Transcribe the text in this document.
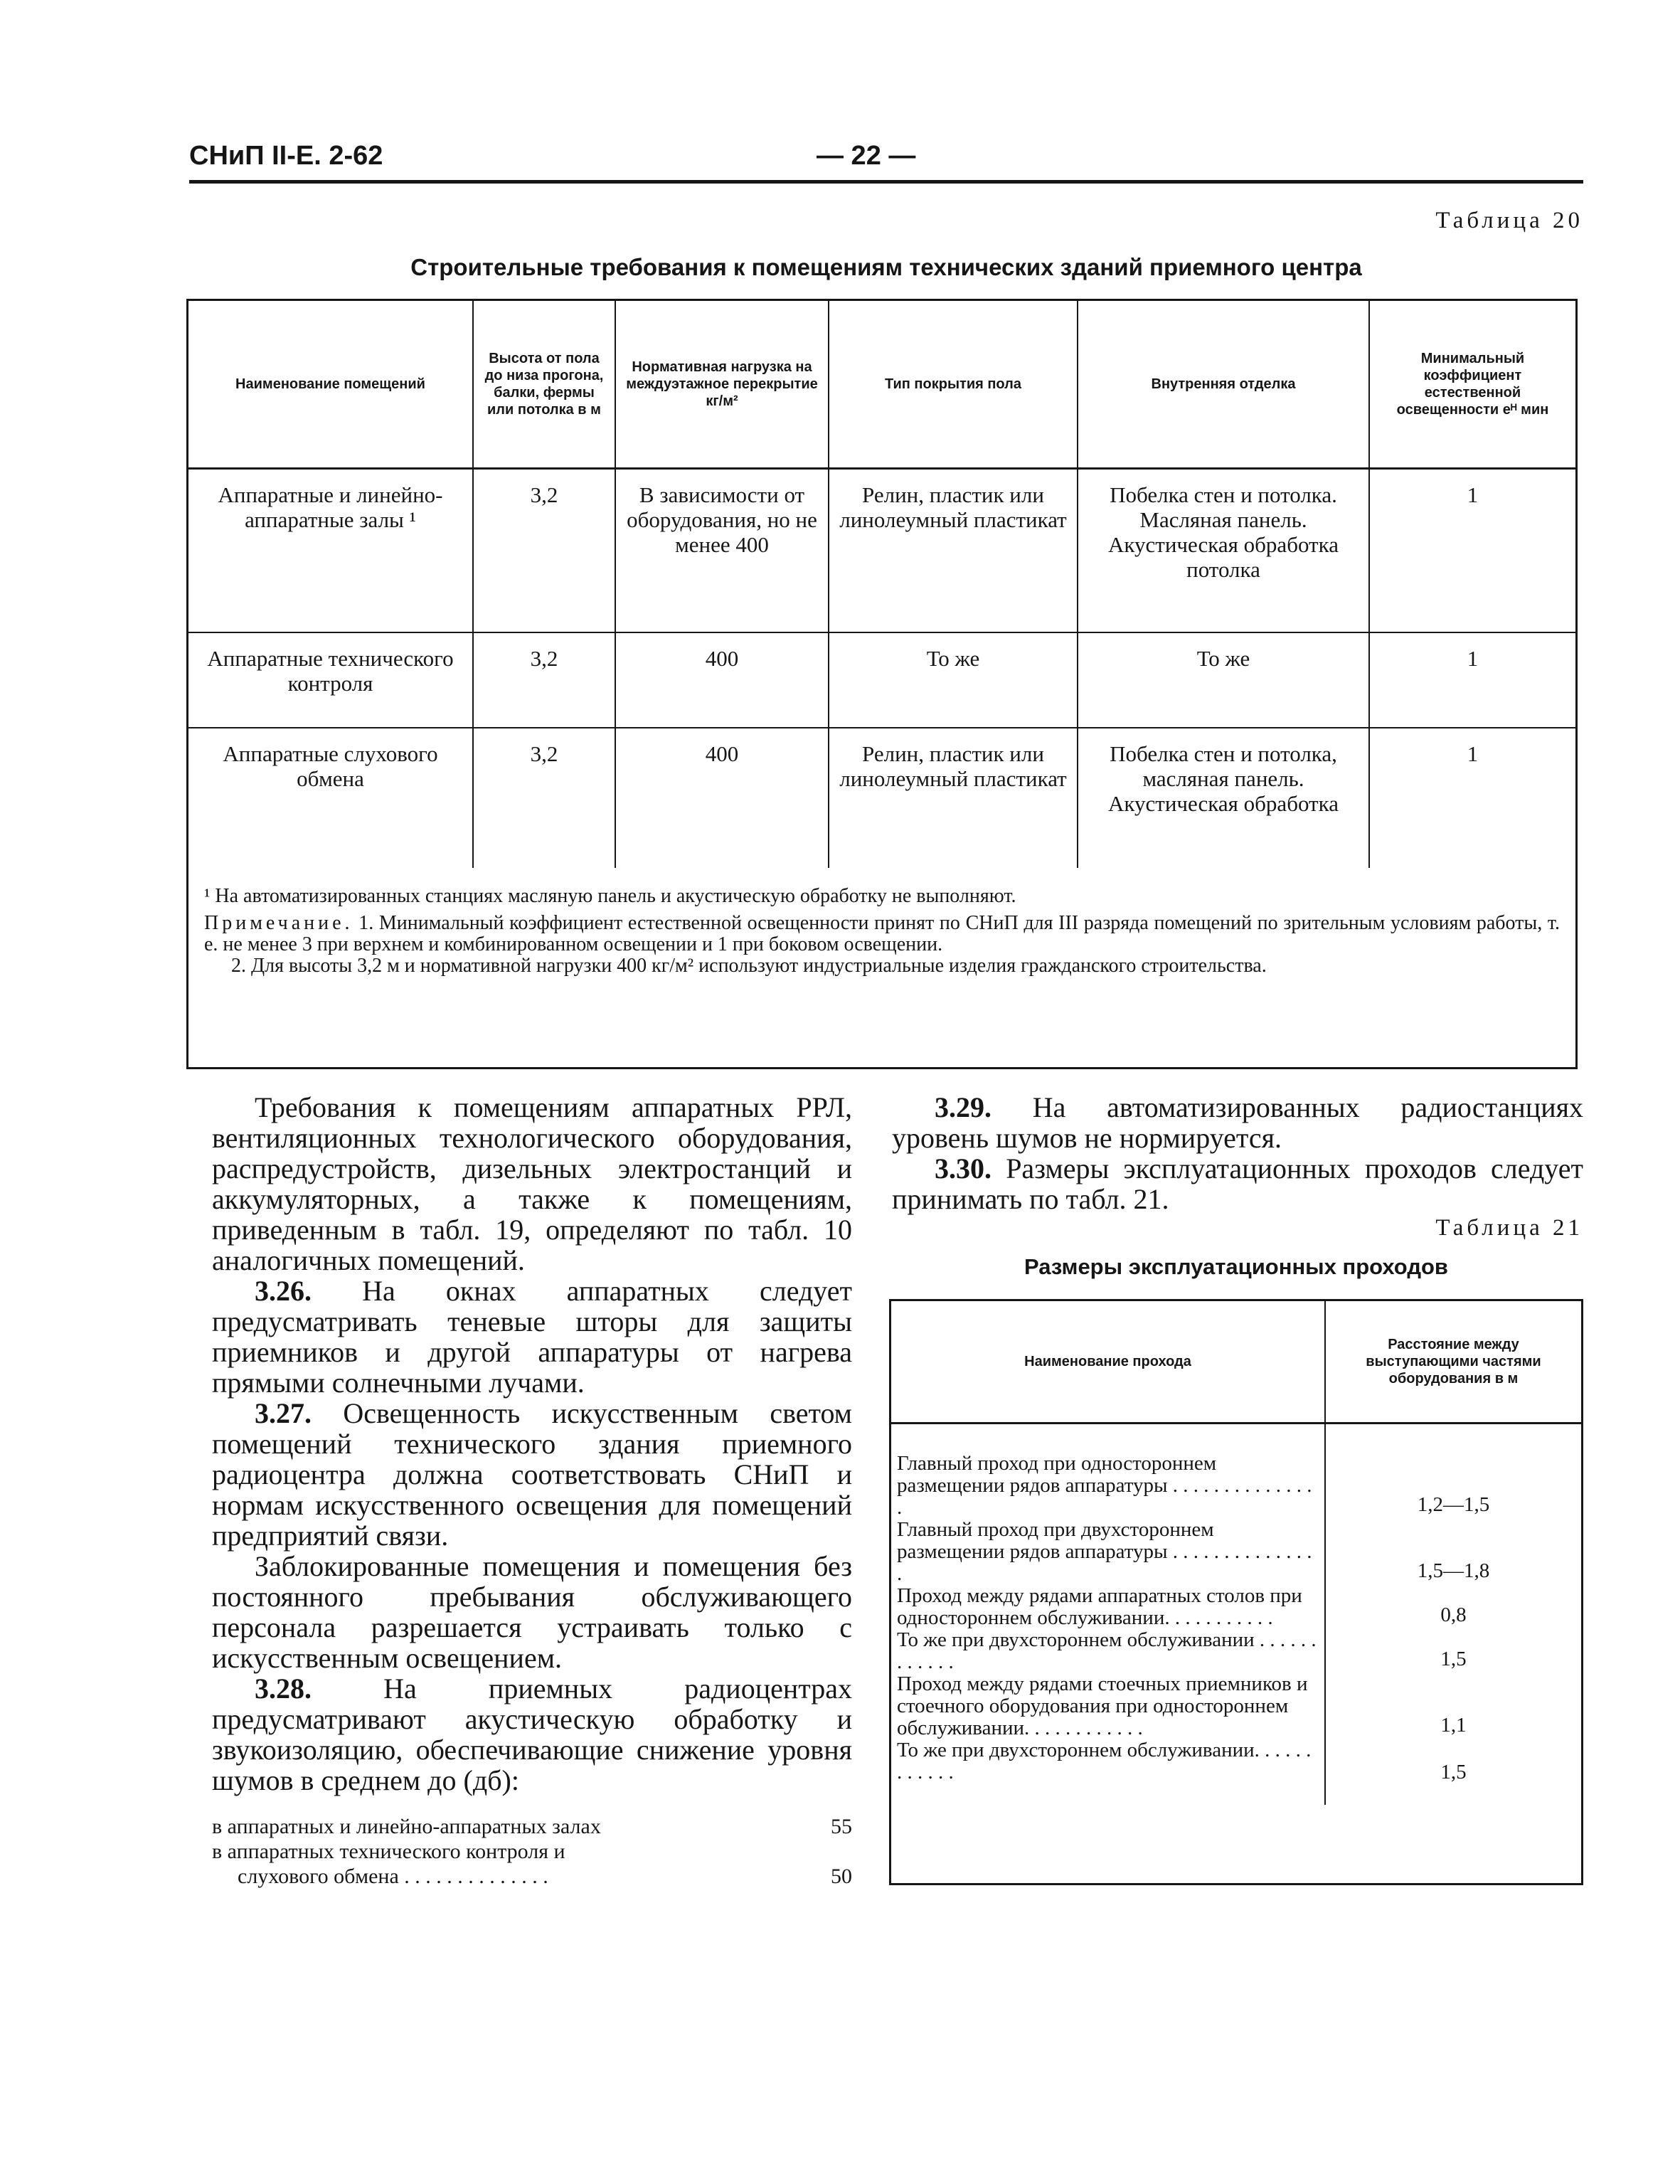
СНиП II-Е. 2-62	— 22 —
Таблица 20
Строительные требования к помещениям технических зданий приемного центра
Наименование помещений	Высота от пола до низа прогона, балки, фермы или потолка в м	Нормативная нагрузка на междуэтажное перекрытие кг/м²	Тип покрытия пола	Внутренняя отделка	Минимальный коэффициент естественной освещенности eᴴ мин
Аппаратные и линейно-аппаратные залы ¹	3,2	В зависимости от оборудования, но не менее 400	Релин, пластик или линолеумный пластикат	Побелка стен и потолка. Масляная панель. Акустическая обработка потолка	1
Аппаратные технического контроля	3,2	400	То же	То же	1
Аппаратные слухового обмена	3,2	400	Релин, пластик или линолеумный пластикат	Побелка стен и потолка, масляная панель. Акустическая обработка	1

¹ На автоматизированных станциях масляную панель и акустическую обработку не выполняют.

Примечание. 1. Минимальный коэффициент естественной освещенности принят по СНиП для III разряда помещений по зрительным условиям работы, т. е. не менее 3 при верхнем и комбинированном освещении и 1 при боковом освещении.

2. Для высоты 3,2 м и нормативной нагрузки 400 кг/м² используют индустриальные изделия гражданского строительства.

Требования к помещениям аппаратных РРЛ, вентиляционных технологического оборудования, распредустройств, дизельных электростанций и аккумуляторных, а также к помещениям, приведенным в табл. 19, определяют по табл. 10 аналогичных помещений.

3.26. На окнах аппаратных следует предусматривать теневые шторы для защиты приемников и другой аппаратуры от нагрева прямыми солнечными лучами.

3.27. Освещенность искусственным светом помещений технического здания приемного радиоцентра должна соответствовать СНиП и нормам искусственного освещения для помещений предприятий связи.

Заблокированные помещения и помещения без постоянного пребывания обслуживающего персонала разрешается устраивать только с искусственным освещением.

3.28.	На приемных радиоцентрах предусматривают акустическую обработку и звукоизоляцию, обеспечивающие снижение уровня шумов в среднем до (дб):

в аппаратных и линейно-аппаратных залах	55
в аппаратных технического контроля и
слухового обмена . . . . . . . . . . . . . .	50

3.29. На автоматизированных радиостанциях уровень шумов не нормируется.

3.30. Размеры эксплуатационных проходов следует принимать по табл. 21.

Таблица 21
Размеры эксплуатационных проходов
Наименование прохода	Расстояние между выступающими частями оборудования в м
Главный проход при одностороннем размещении рядов аппаратуры . . . . . . . . . . . . . . .	1,2—1,5
Главный проход при двухстороннем размещении рядов аппаратуры . . . . . . . . . . . . . . .	1,5—1,8
Проход между рядами аппаратных столов при одностороннем обслуживании. . . . . . . . . . .	0,8
То же при двухстороннем обслуживании . . . . . . . . . . . .	1,5
Проход между рядами стоечных приемников и стоечного оборудования при одностороннем обслуживании. . . . . . . . . . . .	1,1
То же при двухстороннем обслуживании. . . . . . . . . . . .	1,5
